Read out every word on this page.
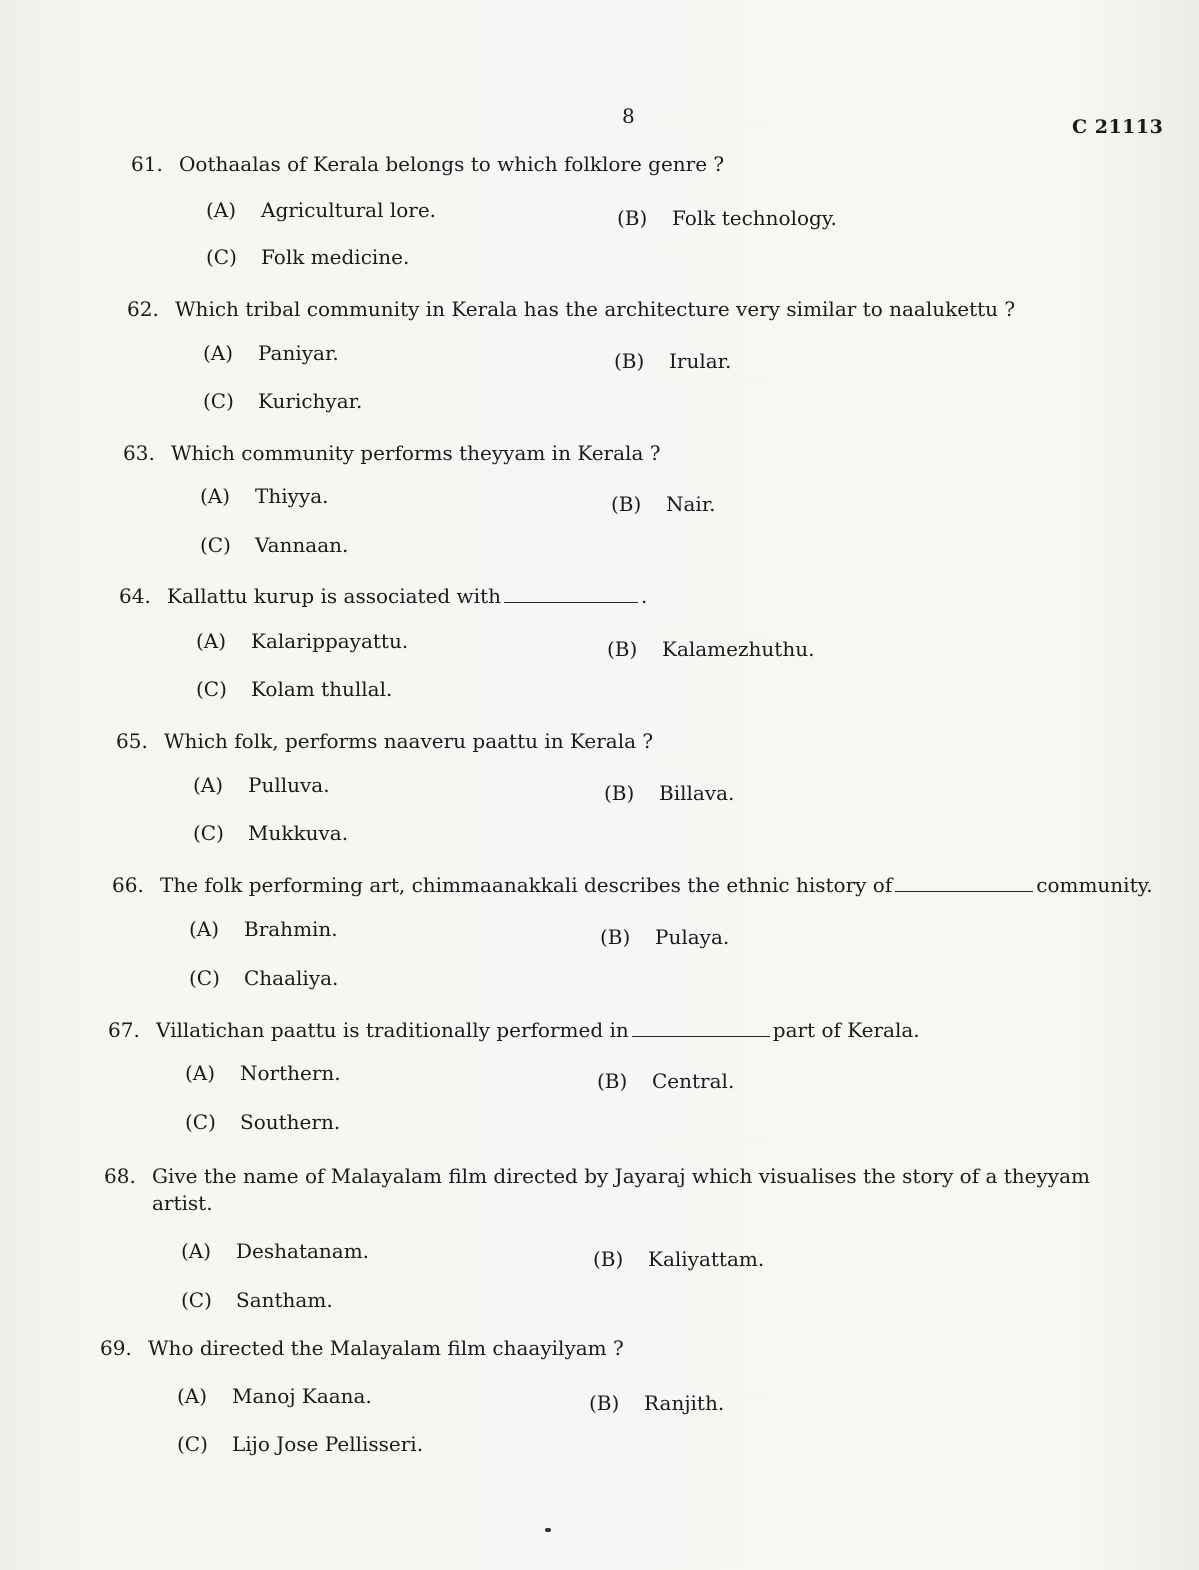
8	C 21113
61. Oothaalas of Kerala belongs to which folklore genre ?
(A) Agricultural lore.	(B) Folk technology.
(C) Folk medicine.
62. Which tribal community in Kerala has the architecture very similar to naalukettu ?
(A) Paniyar.	(B) Irular.
(C) Kurichyar.
63. Which community performs theyyam in Kerala ?
(A) Thiyya.	(B) Nair.
(C) Vannaan.
64. Kallattu kurup is associated with	.
(A) Kalarippayattu.	(B) Kalamezhuthu.
(C) Kolam thullal.
65. Which folk, performs naaveru paattu in Kerala ?
(A) Pulluva.	(B) Billava.
(C) Mukkuva.
66. The folk performing art, chimmaanakkali describes the ethnic history of	community.
(A) Brahmin.	(B) Pulaya.
(C) Chaaliya.
67. Villatichan paattu is traditionally performed in	part of Kerala.
(A) Northern.	(B) Central.
(C) Southern.
68. Give the name of Malayalam film directed by Jayaraj which visualises the story of a theyyam
artist.
(A) Deshatanam.	(B) Kaliyattam.
(C) Santham.
69. Who directed the Malayalam film chaayilyam ?
(A) Manoj Kaana.	(B) Ranjith.
(C) Lijo Jose Pellisseri.
